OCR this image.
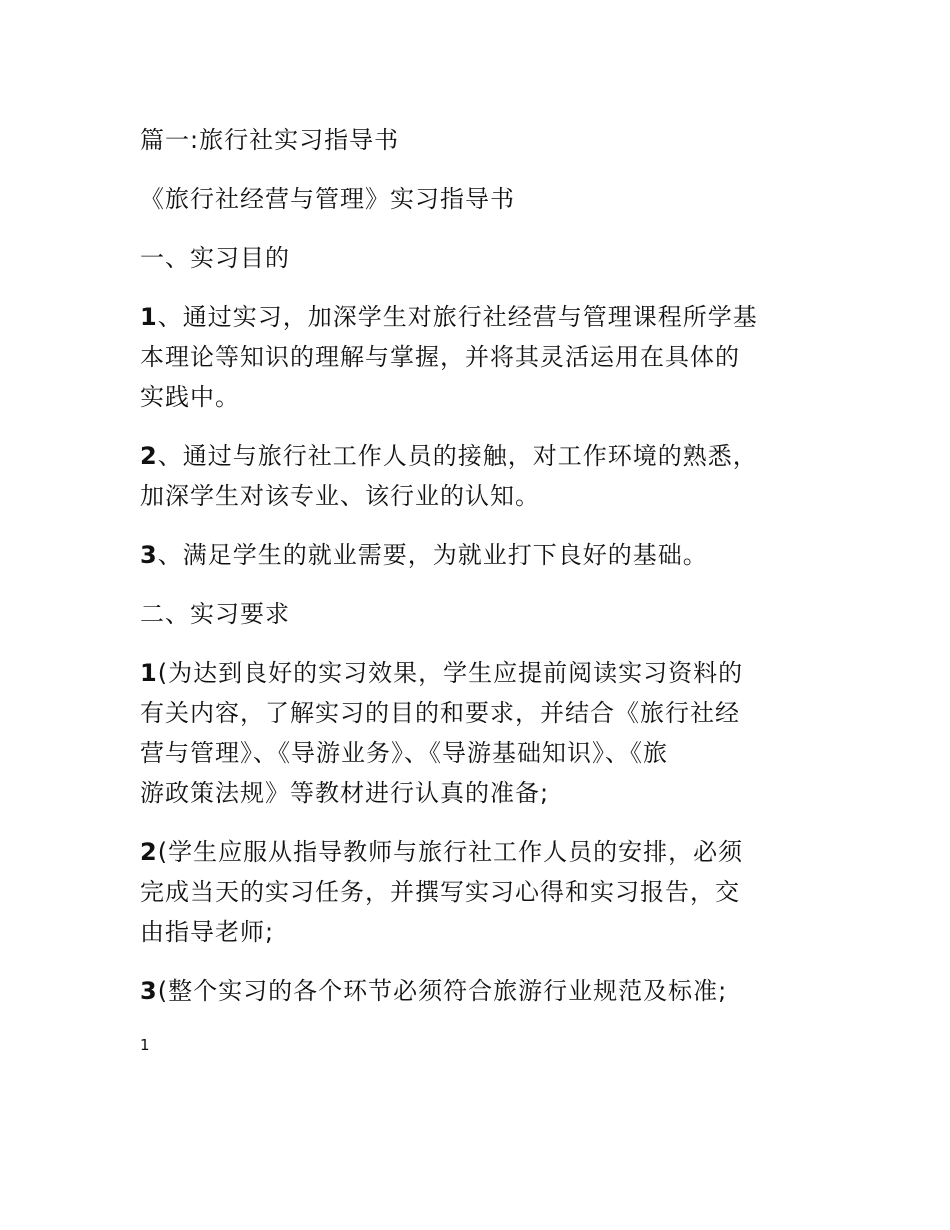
篇一:旅行社实习指导书

《旅行社经营与管理》实习指导书

一、实习目的

1、通过实习，加深学生对旅行社经营与管理课程所学基
本理论等知识的理解与掌握，并将其灵活运用在具体的
实践中。

2、通过与旅行社工作人员的接触，对工作环境的熟悉，
加深学生对该专业、该行业的认知。

3、满足学生的就业需要，为就业打下良好的基础。

二、实习要求

1(为达到良好的实习效果，学生应提前阅读实习资料的
有关内容，了解实习的目的和要求，并结合《旅行社经
营与管理》、《导游业务》、《导游基础知识》、《旅
游政策法规》等教材进行认真的准备;

2(学生应服从指导教师与旅行社工作人员的安排，必须
完成当天的实习任务，并撰写实习心得和实习报告，交
由指导老师;

3(整个实习的各个环节必须符合旅游行业规范及标准;

1
